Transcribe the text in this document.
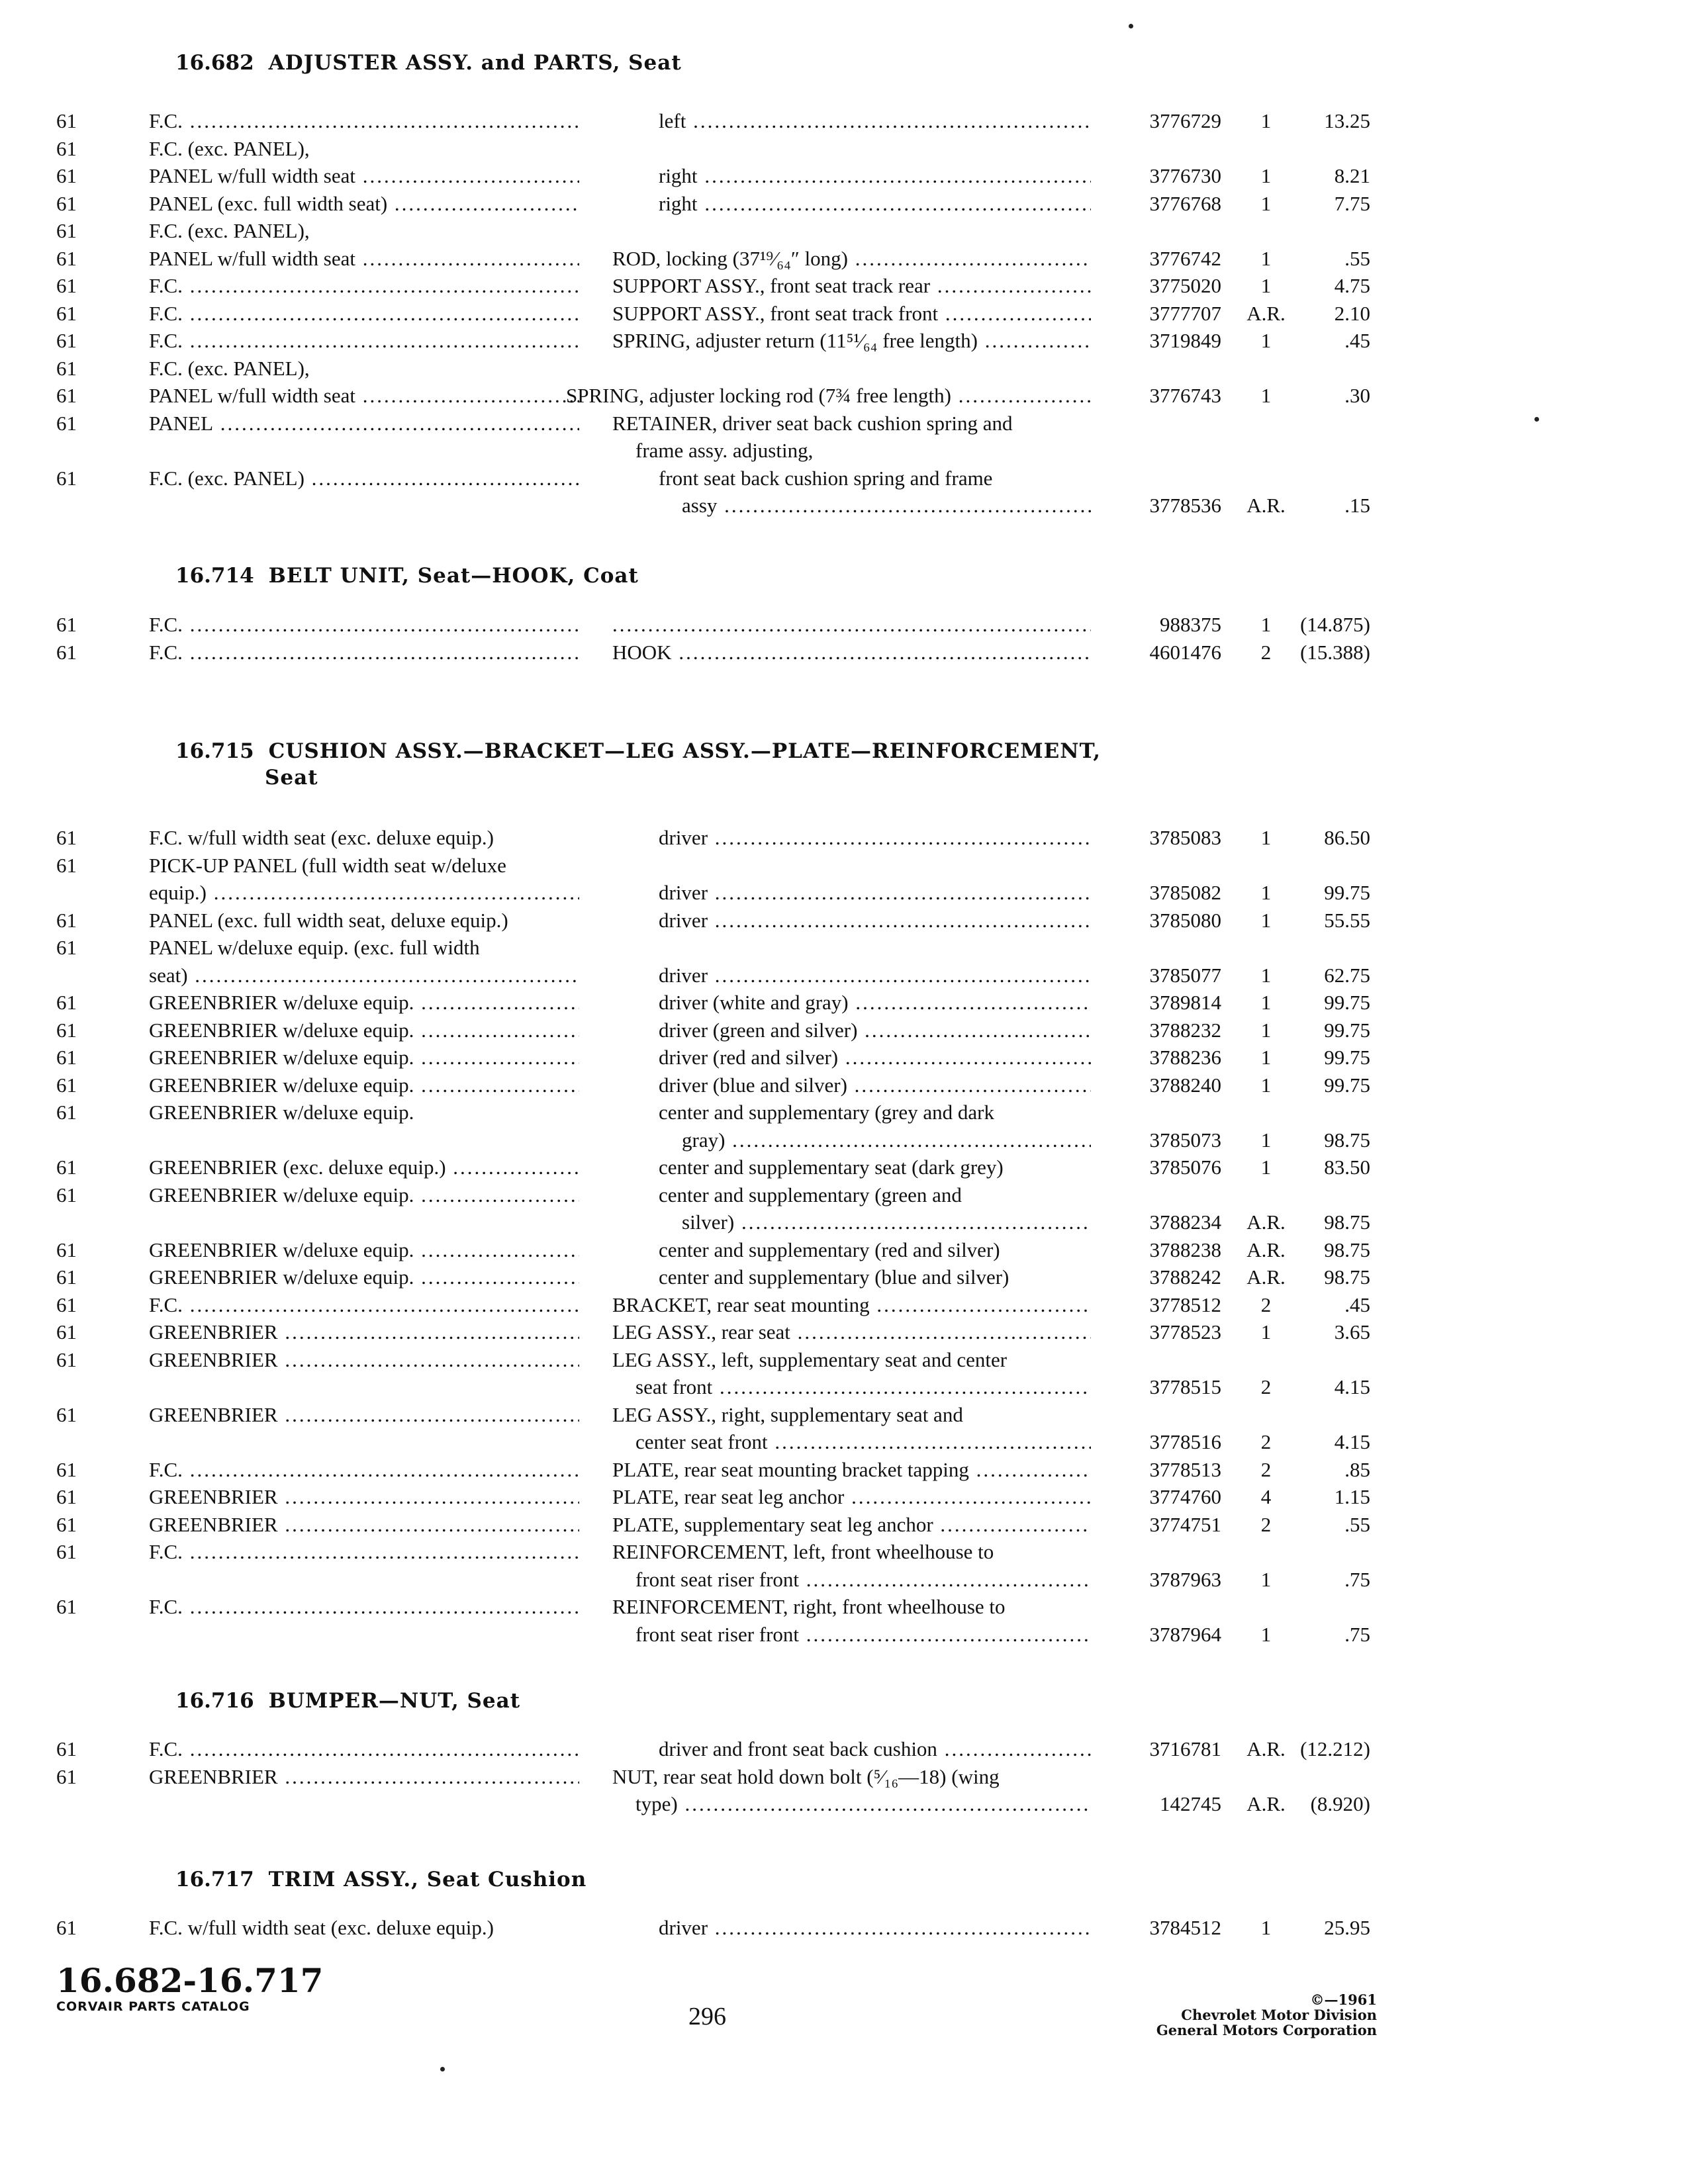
16.682 ADJUSTER ASSY. and PARTS, Seat
61	F.C. .....	left .....	3776729	1	13.25
61	F.C. (exc. PANEL),
61	PANEL w/full width seat .....	right .....	3776730	1	8.21
61	PANEL (exc. full width seat) .....	right .....	3776768	1	7.75
61	F.C. (exc. PANEL),
61	PANEL w/full width seat .....	ROD, locking (37¹⁹⁄₆₄″ long) .....	3776742	1	.55
61	F.C. .....	SUPPORT ASSY., front seat track rear .....	3775020	1	4.75
61	F.C. .....	SUPPORT ASSY., front seat track front .....	3777707	A.R.	2.10
61	F.C. .....	SPRING, adjuster return (11⁵¹⁄₆₄ free length) .....	3719849	1	.45
61	F.C. (exc. PANEL),
61	PANEL w/full width seat .....	SPRING, adjuster locking rod (7¾ free length) .....	3776743	1	.30
61	PANEL .....	RETAINER, driver seat back cushion spring and
frame assy. adjusting,
61	F.C. (exc. PANEL) .....	front seat back cushion spring and frame
assy .....	3778536	A.R.	.15
16.714 BELT UNIT, Seat—HOOK, Coat
61	F.C. .....
.....	988375	1	(14.875)
61	F.C. .....	HOOK .....	4601476	2	(15.388)
16.715 CUSHION ASSY.—BRACKET—LEG ASSY.—PLATE—REINFORCEMENT,
Seat
61	F.C. w/full width seat (exc. deluxe equip.)	driver .....	3785083	1	86.50
61	PICK-UP PANEL (full width seat w/deluxe
equip.) .....	driver .....	3785082	1	99.75
61	PANEL (exc. full width seat, deluxe equip.)	driver .....	3785080	1	55.55
61	PANEL w/deluxe equip. (exc. full width
seat) .....	driver .....	3785077	1	62.75
61	GREENBRIER w/deluxe equip. .....	driver (white and gray) .....	3789814	1	99.75
61	GREENBRIER w/deluxe equip. .....	driver (green and silver) .....	3788232	1	99.75
61	GREENBRIER w/deluxe equip. .....	driver (red and silver) .....	3788236	1	99.75
61	GREENBRIER w/deluxe equip. .....	driver (blue and silver) .....	3788240	1	99.75
61	GREENBRIER w/deluxe equip.	center and supplementary (grey and dark
gray) .....	3785073	1	98.75
61	GREENBRIER (exc. deluxe equip.) .....	center and supplementary seat (dark grey)	3785076	1	83.50
61	GREENBRIER w/deluxe equip. .....	center and supplementary (green and
silver) .....	3788234	A.R.	98.75
61	GREENBRIER w/deluxe equip. .....	center and supplementary (red and silver)	3788238	A.R.	98.75
61	GREENBRIER w/deluxe equip. .....	center and supplementary (blue and silver)	3788242	A.R.	98.75
61	F.C. .....	BRACKET, rear seat mounting .....	3778512	2	.45
61	GREENBRIER .....	LEG ASSY., rear seat .....	3778523	1	3.65
61	GREENBRIER .....	LEG ASSY., left, supplementary seat and center
seat front .....	3778515	2	4.15
61	GREENBRIER .....	LEG ASSY., right, supplementary seat and
center seat front .....	3778516	2	4.15
61	F.C. .....	PLATE, rear seat mounting bracket tapping .....	3778513	2	.85
61	GREENBRIER .....	PLATE, rear seat leg anchor .....	3774760	4	1.15
61	GREENBRIER .....	PLATE, supplementary seat leg anchor .....	3774751	2	.55
61	F.C. .....	REINFORCEMENT, left, front wheelhouse to
front seat riser front .....	3787963	1	.75
61	F.C. .....	REINFORCEMENT, right, front wheelhouse to
front seat riser front .....	3787964	1	.75
16.716 BUMPER—NUT, Seat
61	F.C. .....	driver and front seat back cushion .....	3716781	A.R. (12.212)
61	GREENBRIER .....	NUT, rear seat hold down bolt (⁵⁄₁₆—18) (wing
type) .....	142745	A.R.	(8.920)
16.717 TRIM ASSY., Seat Cushion
61	F.C. w/full width seat (exc. deluxe equip.)	driver .....	3784512	1	25.95
16.682-16.717
CORVAIR PARTS CATALOG	296
©—1961
Chevrolet Motor Division
General Motors Corporation
